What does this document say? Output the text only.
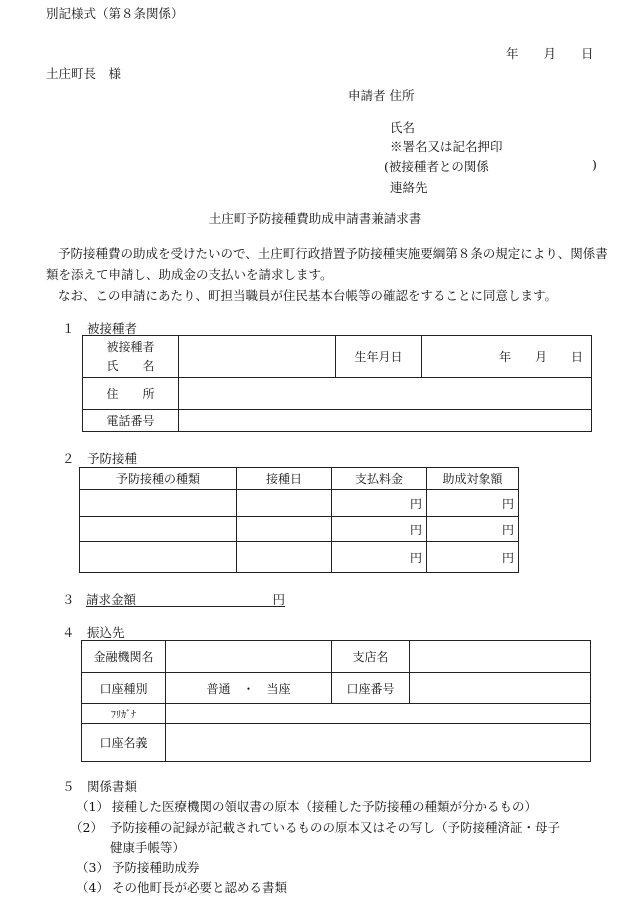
別記様式（第８条関係）
年　　月　　日
土庄町長　様
申請者 住所
氏名
※署名又は記名押印
(被接種者との関係	)
連絡先
土庄町予防接種費助成申請書兼請求書
予防接種費の助成を受けたいので、土庄町行政措置予防接種実施要綱第８条の規定により、関係書類を添えて申請し、助成金の支払いを請求します。
なお、この申請にあたり、町担当職員が住民基本台帳等の確認をすることに同意します。
１　被接種者
被接種者
氏　　名		生年月日	年　　月　　日
住　　所	
電話番号	
２　予防接種
予防接種の種類	接種日	支払料金	助成対象額
		円	円
		円	円
		円	円
３ 請求金額	円
４　振込先
金融機関名		支店名	
口座種別	普通　・　当座	口座番号	
ﾌﾘｶﾞﾅ	
口座名義	
５　関係書類
（1） 接種した医療機関の領収書の原本（接種した予防接種の種類が分かるもの）
（2） 予防接種の記録が記載されているものの原本又はその写し（予防接種済証・母子
健康手帳等）
（3） 予防接種助成券
（4） その他町長が必要と認める書類
